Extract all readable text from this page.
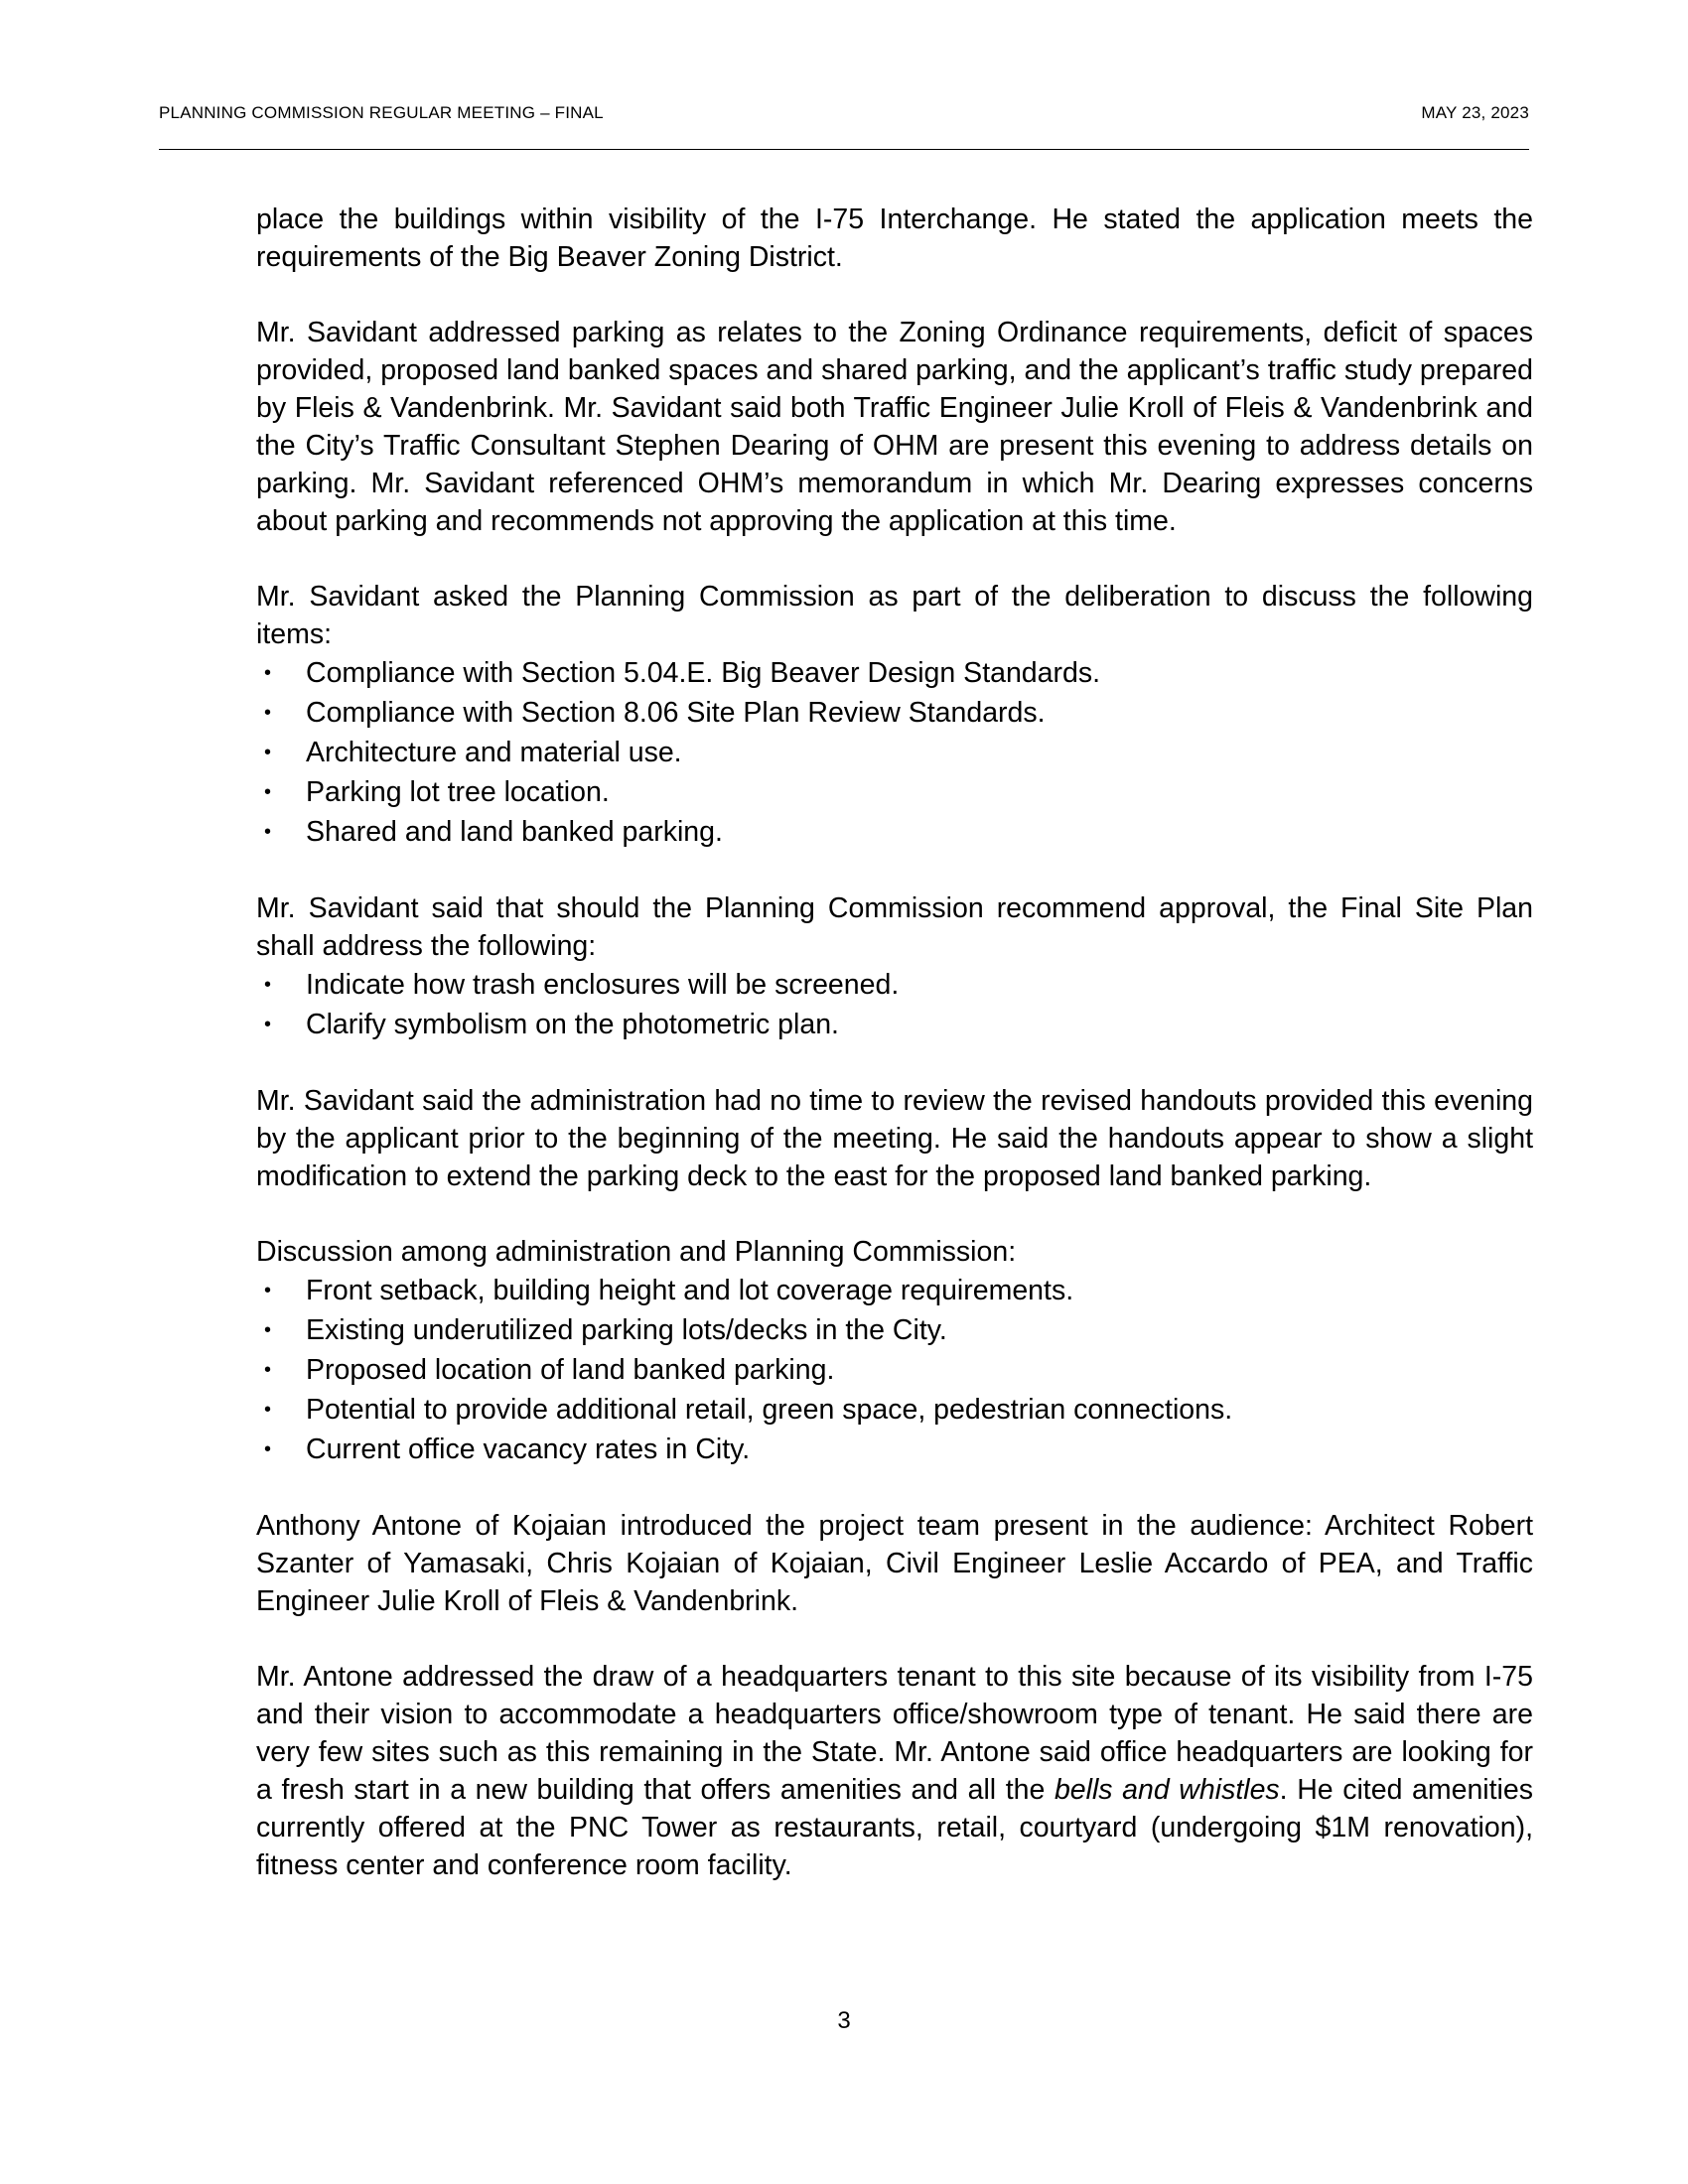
PLANNING COMMISSION REGULAR MEETING – FINAL	MAY 23, 2023

place the buildings within visibility of the I-75 Interchange. He stated the application meets the requirements of the Big Beaver Zoning District.

Mr. Savidant addressed parking as relates to the Zoning Ordinance requirements, deficit of spaces provided, proposed land banked spaces and shared parking, and the applicant’s traffic study prepared by Fleis & Vandenbrink. Mr. Savidant said both Traffic Engineer Julie Kroll of Fleis & Vandenbrink and the City’s Traffic Consultant Stephen Dearing of OHM are present this evening to address details on parking. Mr. Savidant referenced OHM’s memorandum in which Mr. Dearing expresses concerns about parking and recommends not approving the application at this time.

Mr. Savidant asked the Planning Commission as part of the deliberation to discuss the following items:

• Compliance with Section 5.04.E. Big Beaver Design Standards.
• Compliance with Section 8.06 Site Plan Review Standards.
• Architecture and material use.
• Parking lot tree location.
• Shared and land banked parking.

Mr. Savidant said that should the Planning Commission recommend approval, the Final Site Plan shall address the following:

• Indicate how trash enclosures will be screened.
• Clarify symbolism on the photometric plan.

Mr. Savidant said the administration had no time to review the revised handouts provided this evening by the applicant prior to the beginning of the meeting. He said the handouts appear to show a slight modification to extend the parking deck to the east for the proposed land banked parking.

Discussion among administration and Planning Commission:

• Front setback, building height and lot coverage requirements.
• Existing underutilized parking lots/decks in the City.
• Proposed location of land banked parking.
• Potential to provide additional retail, green space, pedestrian connections.
• Current office vacancy rates in City.

Anthony Antone of Kojaian introduced the project team present in the audience: Architect Robert Szanter of Yamasaki, Chris Kojaian of Kojaian, Civil Engineer Leslie Accardo of PEA, and Traffic Engineer Julie Kroll of Fleis & Vandenbrink.

Mr. Antone addressed the draw of a headquarters tenant to this site because of its visibility from I-75 and their vision to accommodate a headquarters office/showroom type of tenant. He said there are very few sites such as this remaining in the State. Mr. Antone said office headquarters are looking for a fresh start in a new building that offers amenities and all the bells and whistles. He cited amenities currently offered at the PNC Tower as restaurants, retail, courtyard (undergoing $1M renovation), fitness center and conference room facility.

3
